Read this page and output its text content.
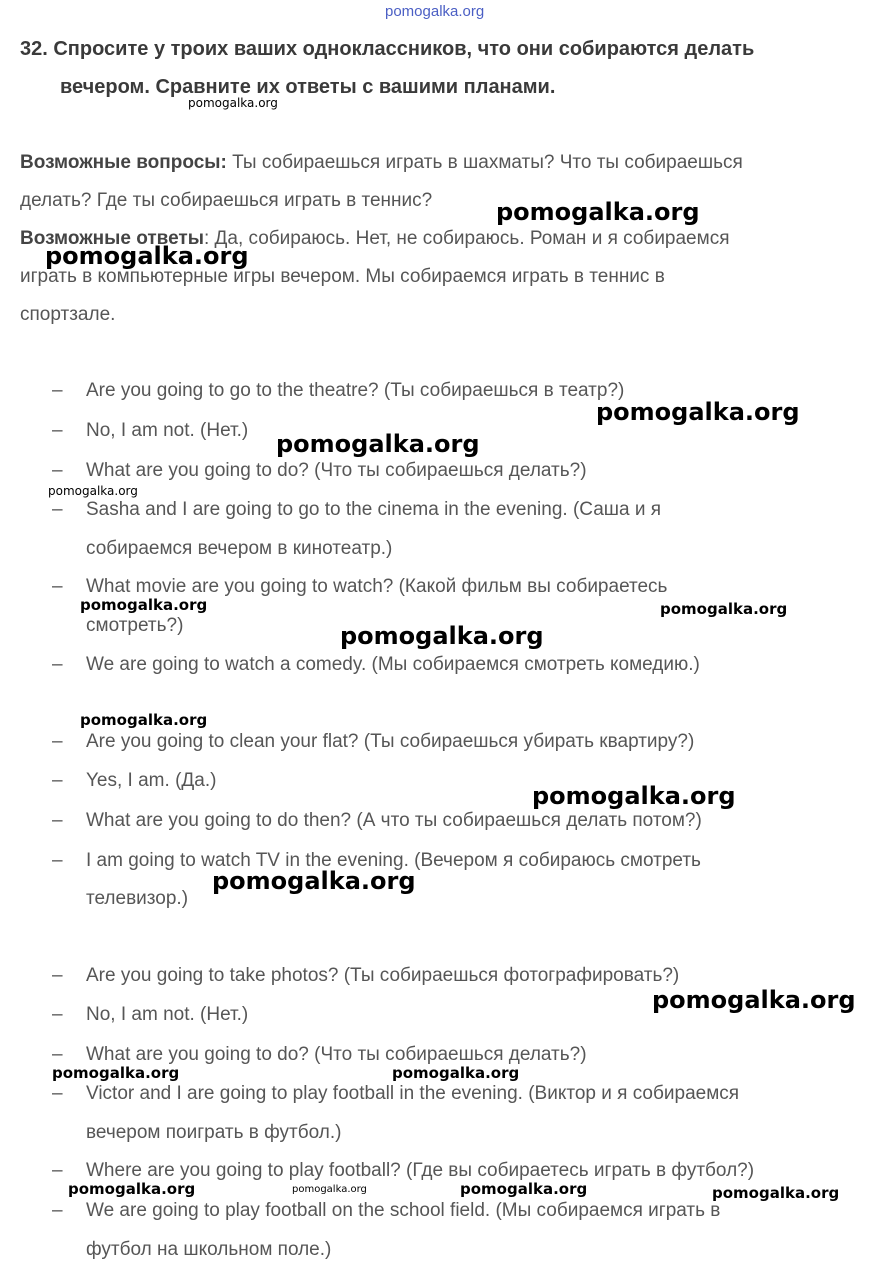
pomogalka.org
32. Спросите у троих ваших одноклассников, что они собираются делать
вечером. Сравните их ответы с вашими планами.
Возможные вопросы: Ты собираешься играть в шахматы? Что ты собираешься
делать? Где ты собираешься играть в теннис?
Возможные ответы: Да, собираюсь. Нет, не собираюсь. Роман и я собираемся
играть в компьютерные игры вечером. Мы собираемся играть в теннис в
спортзале.
– Are you going to go to the theatre? (Ты собираешься в театр?)
– No, I am not. (Нет.)
– What are you going to do? (Что ты собираешься делать?)
– Sasha and I are going to go to the cinema in the evening. (Саша и я
собираемся вечером в кинотеатр.)
– What movie are you going to watch? (Какой фильм вы собираетесь
смотреть?)
– We are going to watch a comedy. (Мы собираемся смотреть комедию.)
– Are you going to clean your flat? (Ты собираешься убирать квартиру?)
– Yes, I am. (Да.)
– What are you going to do then? (А что ты собираешься делать потом?)
– I am going to watch TV in the evening. (Вечером я собираюсь смотреть
телевизор.)
– Are you going to take photos? (Ты собираешься фотографировать?)
– No, I am not. (Нет.)
– What are you going to do? (Что ты собираешься делать?)
– Victor and I are going to play football in the evening. (Виктор и я собираемся
вечером поиграть в футбол.)
– Where are you going to play football? (Где вы собираетесь играть в футбол?)
– We are going to play football on the school field. (Мы собираемся играть в
футбол на школьном поле.)
pomogalka.org
pomogalka.org
pomogalka.org
pomogalka.org
pomogalka.org
pomogalka.org
pomogalka.org	pomogalka.org
pomogalka.org
pomogalka.org
pomogalka.org
pomogalka.org
pomogalka.org
pomogalka.org	pomogalka.org
pomogalka.org	pomogalka.org	pomogalka.org	pomogalka.org
